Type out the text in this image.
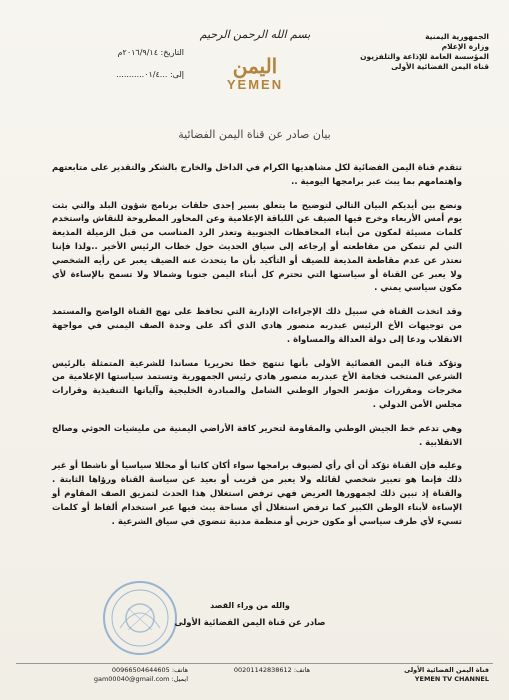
الجمهورية اليمنية
وزارة الإعلام
المؤسسة العامة للإذاعة والتلفزيون
قناة اليمن الفضائية الأولى
بسم الله الرحمن الرحيم
اليمن
YEMEN
التاريخ: ٢٠١٦/٩/١٤م
إلى: ...٠١/٤...........
بيان صادر عن قناة اليمن الفضائية

تتقدم قناة اليمن الفضائية لكل مشاهديها الكرام في الداخل والخارج بالشكر والتقدير على متابعتهم واهتمامهم بما يبث عبر برامجها اليومية ..

ونضع بين أيديكم البيان التالي لتوضيح ما يتعلق بسير إحدى حلقات برنامج شؤون البلد والتي بثت يوم أمس الأربعاء وخرج فيها الضيف عن اللباقة الإعلامية وعن المحاور المطروحة للنقاش واستخدم كلمات مسيئة لمكون من أبناء المحافظات الجنوبية وتعذر الرد المناسب من قبل الزميلة المذيعة التي لم تتمكن من مقاطعته أو إرجاعه إلى سياق الحديث حول خطاب الرئيس الأخير ..ولذا فإننا نعتذر عن عدم مقاطعة المذيعة للضيف أو التأكيد بأن ما يتحدث عنه الضيف يعبر عن رأيه الشخصي ولا يعبر عن القناة أو سياستها التي تحترم كل أبناء اليمن جنوبا وشمالا ولا تسمح بالإساءة لأي مكون سياسي يمني .

وقد اتخذت القناة في سبيل ذلك الإجراءات الإدارية التي تحافظ على نهج القناة الواضح والمستمد من توجيهات الأخ الرئيس عبدربه منصور هادي الذي أكد على وحدة الصف اليمني في مواجهة الانقلاب ودعا إلى دولة العدالة والمساواة .

وتؤكد قناة اليمن الفضائية الأولى بأنها تنتهج خطا تحريريا مساندا للشرعية المتمثلة بالرئيس الشرعي المنتخب فخامة الأخ عبدربه منصور هادي رئيس الجمهورية وتستمد سياستها الإعلامية من مخرجات ومقررات مؤتمر الحوار الوطني الشامل والمبادرة الخليجية وآلياتها التنفيذية وقرارات مجلس الأمن الدولي .

وهي تدعم خط الجيش الوطني والمقاومة لتحرير كافة الأراضي اليمنية من مليشيات الحوثي وصالح الانقلابية .

وعليه فإن القناة تؤكد أن أي رأي لضيوف برامجها سواء أكان كاتبا أو محللا سياسيا أو ناشطا أو غير ذلك فإنما هو تعبير شخصي لقائله ولا يعبر من قريب أو بعيد عن سياسة القناة ورؤاها الثابتة . والقناة إذ تبين ذلك لجمهورها العريض فهي ترفض استغلال هذا الحدث لتمزيق الصف المقاوم أو الإساءة لأبناء الوطن الكبير كما ترفض استغلال أي مساحة يبث فيها عبر استخدام ألفاظ أو كلمات تسيء لأي طرف سياسي أو مكون حزبي أو منظمة مدنية تنضوي في سياق الشرعية .

والله من وراء القصد
صادر عن قناة اليمن الفضائية الأولى
قناة اليمن الفضائية الأولى
YEMEN TV CHANNEL
هاتف: 00201142838612
هاتف: 00966504644605
ايميل: gam00040@gmail.com
